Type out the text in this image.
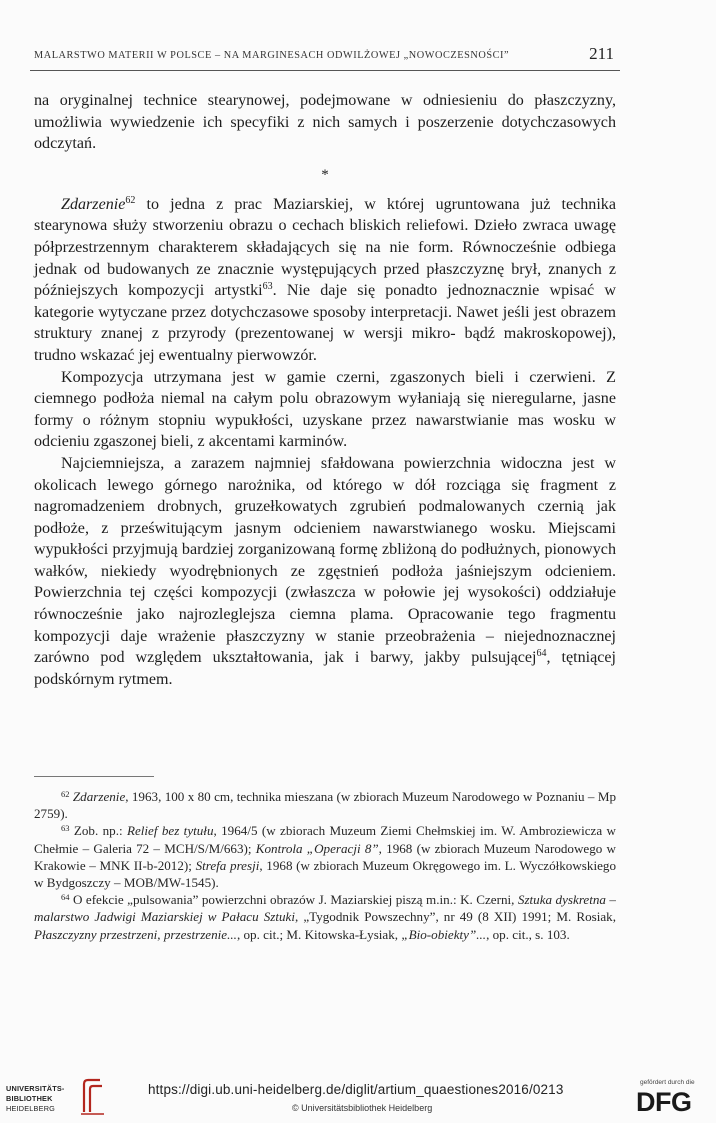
MALARSTWO MATERII W POLSCE – NA MARGINESACH ODWILŻOWEJ „NOWOCZESNOŚCI”	211

na oryginalnej technice stearynowej, podejmowane w odniesieniu do płaszczyzny, umożliwia wywiedzenie ich specyfiki z nich samych i poszerzenie dotychczasowych odczytań.

*

Zdarzenie$^{62}$ to jedna z prac Maziarskiej, w której ugruntowana już technika stearynowa służy stworzeniu obrazu o cechach bliskich reliefowi. Dzieło zwraca uwagę półprzestrzennym charakterem składających się na nie form. Równocześnie odbiega jednak od budowanych ze znacznie występujących przed płaszczyznę brył, znanych z późniejszych kompozycji artystki$^{63}$. Nie daje się ponadto jednoznacznie wpisać w kategorie wytyczane przez dotychczasowe sposoby interpretacji. Nawet jeśli jest obrazem struktury znanej z przyrody (prezentowanej w wersji mikro- bądź makroskopowej), trudno wskazać jej ewentualny pierwowzór.

Kompozycja utrzymana jest w gamie czerni, zgaszonych bieli i czerwieni. Z ciemnego podłoża niemal na całym polu obrazowym wyłaniają się nieregularne, jasne formy o różnym stopniu wypukłości, uzyskane przez nawarstwianie mas wosku w odcieniu zgaszonej bieli, z akcentami karminów.

Najciemniejsza, a zarazem najmniej sfałdowana powierzchnia widoczna jest w okolicach lewego górnego narożnika, od którego w dół rozciąga się fragment z nagromadzeniem drobnych, gruzełkowatych zgrubień podmalowanych czernią jak podłoże, z prześwitującym jasnym odcieniem nawarstwianego wosku. Miejscami wypukłości przyjmują bardziej zorganizowaną formę zbliżoną do podłużnych, pionowych wałków, niekiedy wyodrębnionych ze zgęstnień podłoża jaśniejszym odcieniem. Powierzchnia tej części kompozycji (zwłaszcza w połowie jej wysokości) oddziałuje równocześnie jako najrozleglejsza ciemna plama. Opracowanie tego fragmentu kompozycji daje wrażenie płaszczyzny w stanie przeobrażenia – niejednoznacznej zarówno pod względem ukształtowania, jak i barwy, jakby pulsującej$^{64}$, tętniącej podskórnym rytmem.

$^{62}$ Zdarzenie, 1963, 100 x 80 cm, technika mieszana (w zbiorach Muzeum Narodowego w Poznaniu – Mp 2759).

$^{63}$ Zob. np.: Relief bez tytułu, 1964/5 (w zbiorach Muzeum Ziemi Chełmskiej im. W. Ambroziewicza w Chełmie – Galeria 72 – MCH/S/M/663); Kontrola „Operacji 8”, 1968 (w zbiorach Muzeum Narodowego w Krakowie – MNK II-b-2012); Strefa presji, 1968 (w zbiorach Muzeum Okręgowego im. L. Wyczółkowskiego w Bydgoszczy – MOB/MW-1545).

$^{64}$ O efekcie „pulsowania” powierzchni obrazów J. Maziarskiej piszą m.in.: K. Czerni, Sztuka dyskretna – malarstwo Jadwigi Maziarskiej w Pałacu Sztuki, „Tygodnik Powszechny”, nr 49 (8 XII) 1991; M. Rosiak, Płaszczyzny przestrzeni, przestrzenie..., op. cit.; M. Kitowska-Łysiak, „Bio-obiekty”..., op. cit., s. 103.

UNIVERSITÄTS-
BIBLIOTHEK
HEIDELBERG
https://digi.ub.uni-heidelberg.de/diglit/artium_quaestiones2016/0213
© Universitätsbibliothek Heidelberg
gefördert durch die
DFG
